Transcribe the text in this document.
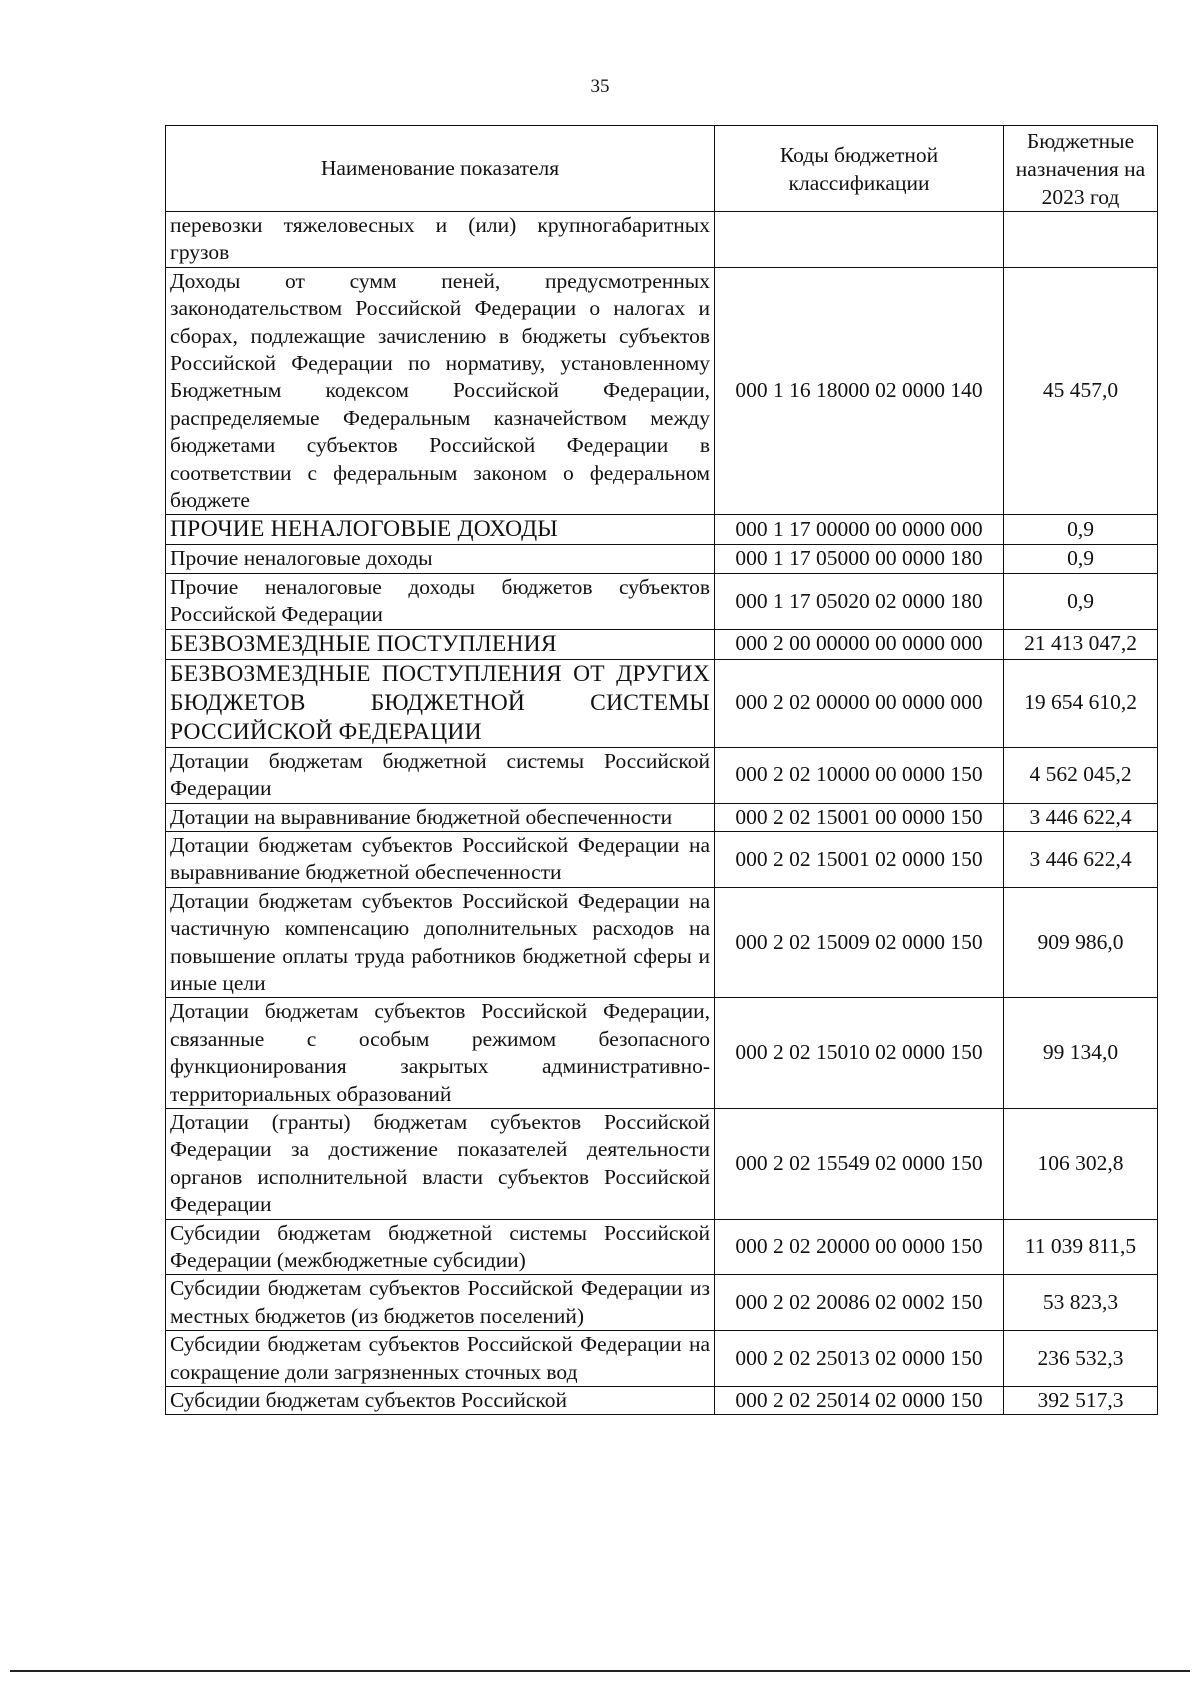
35
Наименование показателя	Коды бюджетной классификации	Бюджетные назначения на 2023 год
перевозки тяжеловесных и (или) крупногабаритных грузов		
Доходы от сумм пеней, предусмотренных законодательством Российской Федерации о налогах и сборах, подлежащие зачислению в бюджеты субъектов Российской Федерации по нормативу, установленному Бюджетным кодексом Российской Федерации, распределяемые Федеральным казначейством между бюджетами субъектов Российской Федерации в соответствии с федеральным законом о федеральном бюджете	000 1 16 18000 02 0000 140	45 457,0
ПРОЧИЕ НЕНАЛОГОВЫЕ ДОХОДЫ	000 1 17 00000 00 0000 000	0,9
Прочие неналоговые доходы	000 1 17 05000 00 0000 180	0,9
Прочие неналоговые доходы бюджетов субъектов Российской Федерации	000 1 17 05020 02 0000 180	0,9
БЕЗВОЗМЕЗДНЫЕ ПОСТУПЛЕНИЯ	000 2 00 00000 00 0000 000	21 413 047,2
БЕЗВОЗМЕЗДНЫЕ ПОСТУПЛЕНИЯ ОТ ДРУГИХ БЮДЖЕТОВ БЮДЖЕТНОЙ СИСТЕМЫ РОССИЙСКОЙ ФЕДЕРАЦИИ	000 2 02 00000 00 0000 000	19 654 610,2
Дотации бюджетам бюджетной системы Российской Федерации	000 2 02 10000 00 0000 150	4 562 045,2
Дотации на выравнивание бюджетной обеспеченности	000 2 02 15001 00 0000 150	3 446 622,4
Дотации бюджетам субъектов Российской Федерации на выравнивание бюджетной обеспеченности	000 2 02 15001 02 0000 150	3 446 622,4
Дотации бюджетам субъектов Российской Федерации на частичную компенсацию дополнительных расходов на повышение оплаты труда работников бюджетной сферы и иные цели	000 2 02 15009 02 0000 150	909 986,0
Дотации бюджетам субъектов Российской Федерации, связанные с особым режимом безопасного функционирования закрытых административно-территориальных образований	000 2 02 15010 02 0000 150	99 134,0
Дотации (гранты) бюджетам субъектов Российской Федерации за достижение показателей деятельности органов исполнительной власти субъектов Российской Федерации	000 2 02 15549 02 0000 150	106 302,8
Субсидии бюджетам бюджетной системы Российской Федерации (межбюджетные субсидии)	000 2 02 20000 00 0000 150	11 039 811,5
Субсидии бюджетам субъектов Российской Федерации из местных бюджетов (из бюджетов поселений)	000 2 02 20086 02 0002 150	53 823,3
Субсидии бюджетам субъектов Российской Федерации на сокращение доли загрязненных сточных вод	000 2 02 25013 02 0000 150	236 532,3
Субсидии бюджетам субъектов Российской	000 2 02 25014 02 0000 150	392 517,3
